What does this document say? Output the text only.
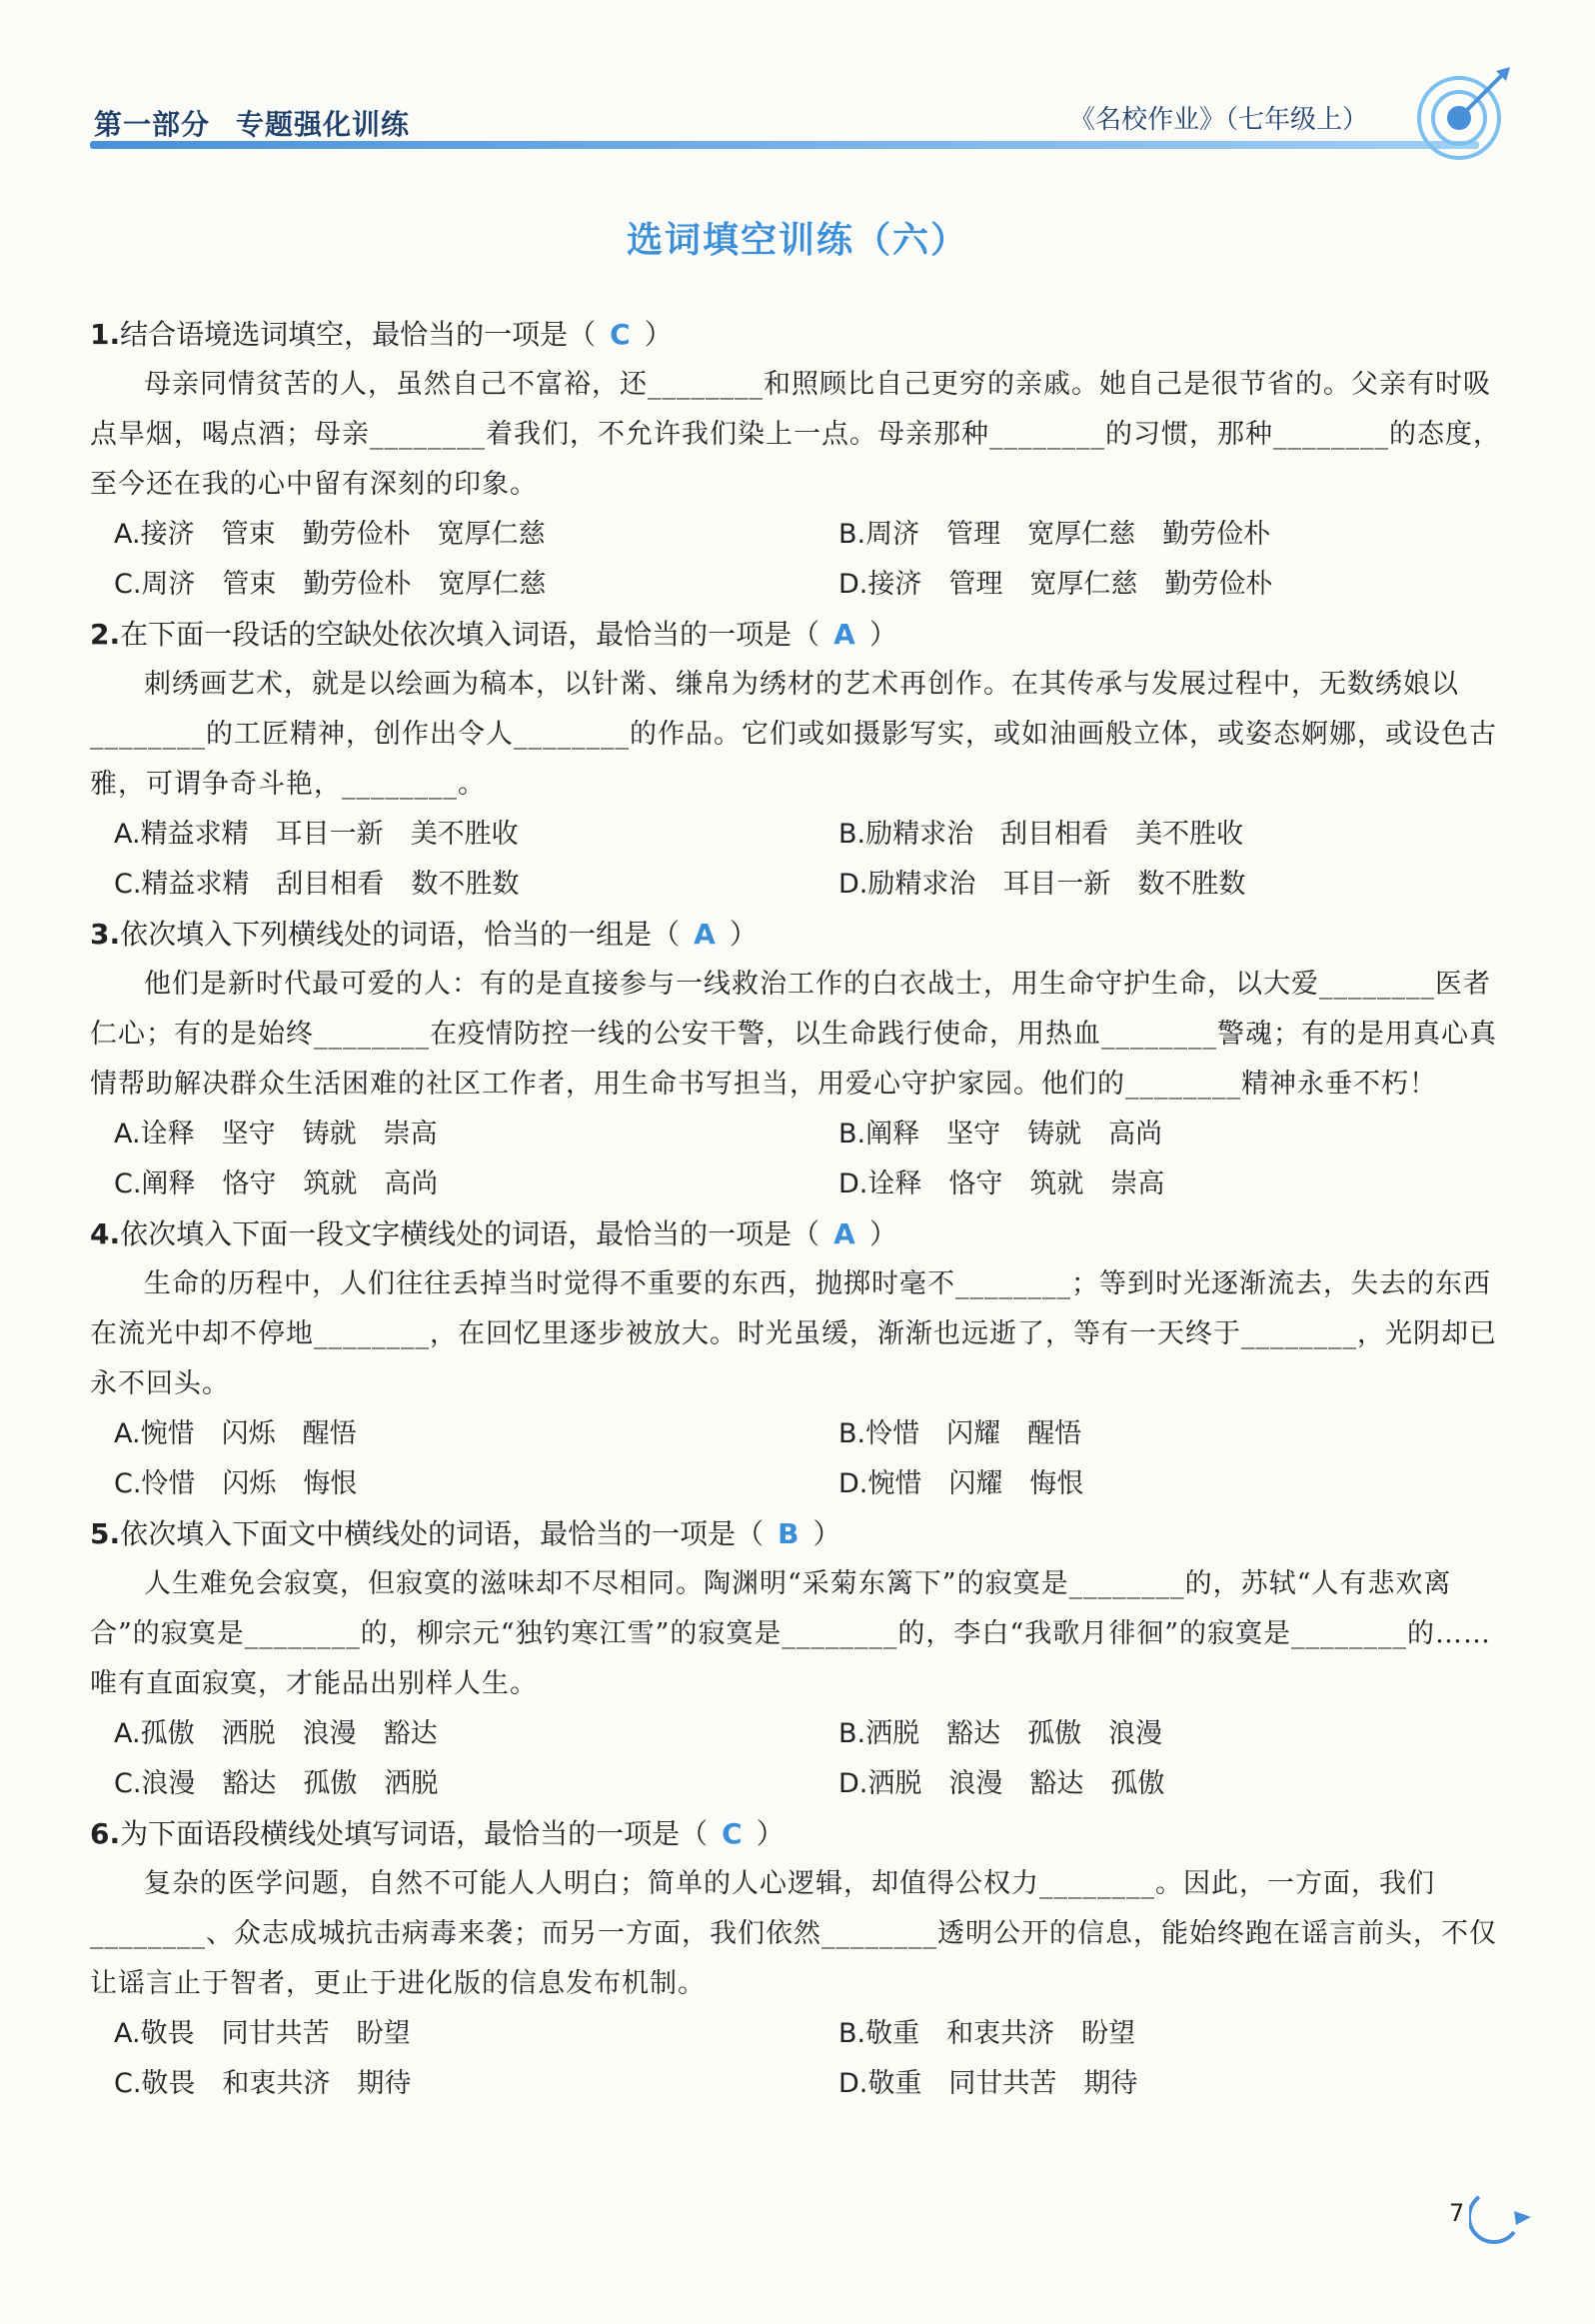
第一部分 专题强化训练	《名校作业》（七年级上）
选词填空训练（六）

1.结合语境选词填空，最恰当的一项是（ C ）

母亲同情贫苦的人，虽然自己不富裕，还________和照顾比自己更穷的亲戚。她自己是很节省的。父亲有时吸点旱烟，喝点酒；母亲________着我们，不允许我们染上一点。母亲那种________的习惯，那种________的态度，至今还在我的心中留有深刻的印象。

A.接济　管束　勤劳俭朴　宽厚仁慈	B.周济　管理　宽厚仁慈　勤劳俭朴
C.周济　管束　勤劳俭朴　宽厚仁慈	D.接济　管理　宽厚仁慈　勤劳俭朴

2.在下面一段话的空缺处依次填入词语，最恰当的一项是（ A ）

刺绣画艺术，就是以绘画为稿本，以针黹、缣帛为绣材的艺术再创作。在其传承与发展过程中，无数绣娘以________的工匠精神，创作出令人________的作品。它们或如摄影写实，或如油画般立体，或姿态婀娜，或设色古雅，可谓争奇斗艳，________。

A.精益求精　耳目一新　美不胜收	B.励精求治　刮目相看　美不胜收
C.精益求精　刮目相看　数不胜数	D.励精求治　耳目一新　数不胜数

3.依次填入下列横线处的词语，恰当的一组是（ A ）

他们是新时代最可爱的人：有的是直接参与一线救治工作的白衣战士，用生命守护生命，以大爱________医者仁心；有的是始终________在疫情防控一线的公安干警，以生命践行使命，用热血________警魂；有的是用真心真情帮助解决群众生活困难的社区工作者，用生命书写担当，用爱心守护家园。他们的________精神永垂不朽！

A.诠释　坚守　铸就　崇高	B.阐释　坚守　铸就　高尚
C.阐释　恪守　筑就　高尚	D.诠释　恪守　筑就　崇高

4.依次填入下面一段文字横线处的词语，最恰当的一项是（ A ）

生命的历程中，人们往往丢掉当时觉得不重要的东西，抛掷时毫不________；等到时光逐渐流去，失去的东西在流光中却不停地________，在回忆里逐步被放大。时光虽缓，渐渐也远逝了，等有一天终于________，光阴却已永不回头。

A.惋惜　闪烁　醒悟	B.怜惜　闪耀　醒悟
C.怜惜　闪烁　悔恨	D.惋惜　闪耀　悔恨

5.依次填入下面文中横线处的词语，最恰当的一项是（ B ）

人生难免会寂寞，但寂寞的滋味却不尽相同。陶渊明“采菊东篱下”的寂寞是________的，苏轼“人有悲欢离合”的寂寞是________的，柳宗元“独钓寒江雪”的寂寞是________的，李白“我歌月徘徊”的寂寞是________的……唯有直面寂寞，才能品出别样人生。

A.孤傲　洒脱　浪漫　豁达	B.洒脱　豁达　孤傲　浪漫
C.浪漫　豁达　孤傲　洒脱	D.洒脱　浪漫　豁达　孤傲

6.为下面语段横线处填写词语，最恰当的一项是（ C ）

复杂的医学问题，自然不可能人人明白；简单的人心逻辑，却值得公权力________。因此，一方面，我们________、众志成城抗击病毒来袭；而另一方面，我们依然________透明公开的信息，能始终跑在谣言前头，不仅让谣言止于智者，更止于进化版的信息发布机制。

A.敬畏　同甘共苦　盼望	B.敬重　和衷共济　盼望
C.敬畏　和衷共济　期待	D.敬重　同甘共苦　期待
7
